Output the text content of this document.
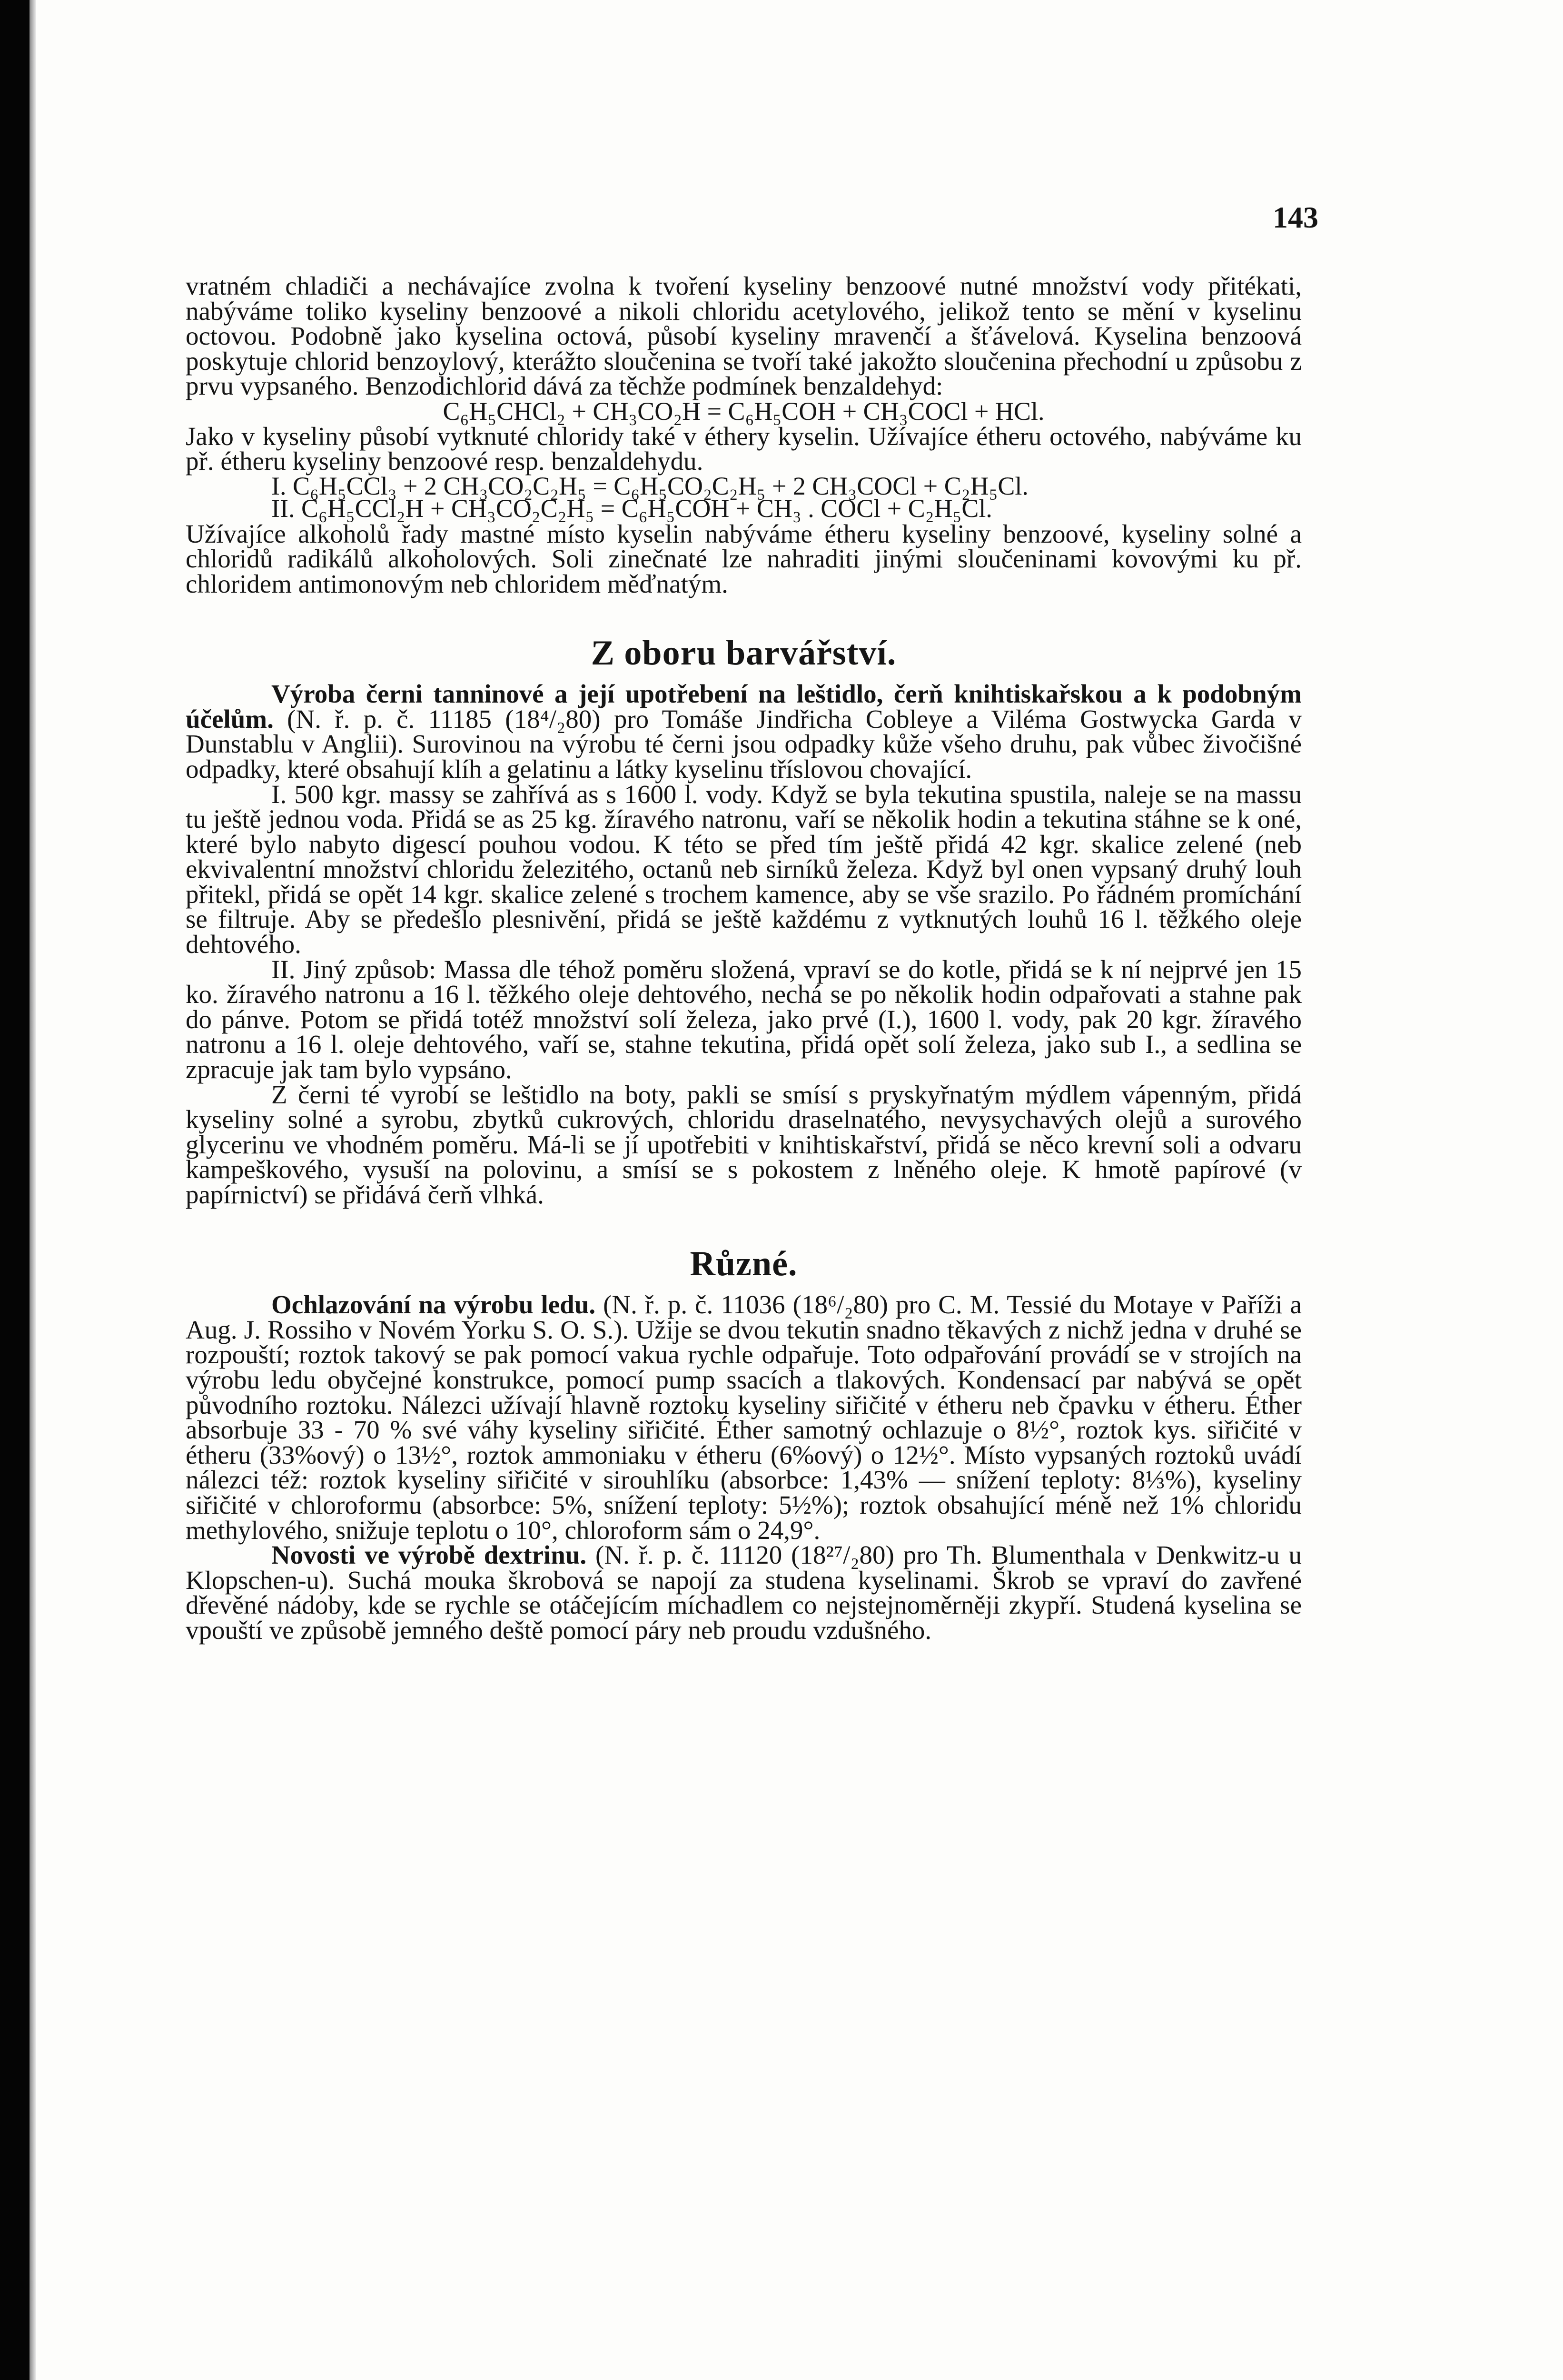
143

vratném chladiči a nechávajíce zvolna k tvoření kyseliny benzoové nutné množství vody přitékati, nabýváme toliko kyseliny benzoové a nikoli chloridu acetylového, jelikož tento se mění v kyselinu octovou. Podobně jako kyselina octová, působí kyseliny mravenčí a šťávelová. Kyselina benzoová poskytuje chlorid benzoylový, kterážto sloučenina se tvoří také jakožto sloučenina přechodní u způsobu z prvu vypsaného. Benzodichlorid dává za těchže podmínek benzaldehyd:

C₆H₅CHCl₂ + CH₃CO₂H = C₆H₅COH + CH₃COCl + HCl.

Jako v kyseliny působí vytknuté chloridy také v éthery kyselin. Užívajíce étheru octového, nabýváme ku př. étheru kyseliny benzoové resp. benzaldehydu.

I. C₆H₅CCl₃ + 2 CH₃CO₂C₂H₅ = C₆H₅CO₂C₂H₅ + 2 CH₃COCl + C₂H₅Cl.

II. C₆H₅CCl₂H + CH₃CO₂C₂H₅ = C₆H₅COH + CH₃ . COCl + C₂H₅Cl.

Užívajíce alkoholů řady mastné místo kyselin nabýváme étheru kyseliny benzoové, kyseliny solné a chloridů radikálů alkoholových. Soli zinečnaté lze nahraditi jinými sloučeninami kovovými ku př. chloridem antimonovým neb chloridem měďnatým.

Z oboru barvářství.

Výroba černi tanninové a její upotřebení na leštidlo, čerň knihtiskařskou a k podobným účelům. (N. ř. p. č. 11185 (18⁴/₂80) pro Tomáše Jindřicha Cobleye a Viléma Gostwycka Garda v Dunstablu v Anglii). Surovinou na výrobu té černi jsou odpadky kůže všeho druhu, pak vůbec živočišné odpadky, které obsahují klíh a gelatinu a látky kyselinu tříslovou chovající.

I. 500 kgr. massy se zahřívá as s 1600 l. vody. Když se byla tekutina spustila, naleje se na massu tu ještě jednou voda. Přidá se as 25 kg. žíravého natronu, vaří se několik hodin a tekutina stáhne se k oné, které bylo nabyto digescí pouhou vodou. K této se před tím ještě přidá 42 kgr. skalice zelené (neb ekvivalentní množství chloridu železitého, octanů neb sirníků železa. Když byl onen vypsaný druhý louh přitekl, přidá se opět 14 kgr. skalice zelené s trochem kamence, aby se vše srazilo. Po řádném promíchání se filtruje. Aby se předešlo plesnivění, přidá se ještě každému z vytknutých louhů 16 l. těžkého oleje dehtového.

II. Jiný způsob: Massa dle téhož poměru složená, vpraví se do kotle, přidá se k ní nejprvé jen 15 ko. žíravého natronu a 16 l. těžkého oleje dehtového, nechá se po několik hodin odpařovati a stahne pak do pánve. Potom se přidá totéž množství solí železa, jako prvé (I.), 1600 l. vody, pak 20 kgr. žíravého natronu a 16 l. oleje dehtového, vaří se, stahne tekutina, přidá opět solí železa, jako sub I., a sedlina se zpracuje jak tam bylo vypsáno.

Z černi té vyrobí se leštidlo na boty, pakli se smísí s pryskyřnatým mýdlem vápenným, přidá kyseliny solné a syrobu, zbytků cukrových, chloridu draselnatého, nevysychavých olejů a surového glycerinu ve vhodném poměru. Má-li se jí upotřebiti v knihtiskařství, přidá se něco krevní soli a odvaru kampeškového, vysuší na polovinu, a smísí se s pokostem z lněného oleje. K hmotě papírové (v papírnictví) se přidává čerň vlhká.

Různé.

Ochlazování na výrobu ledu. (N. ř. p. č. 11036 (18⁶/₂80) pro C. M. Tessié du Motaye v Paříži a Aug. J. Rossiho v Novém Yorku S. O. S.). Užije se dvou tekutin snadno těkavých z nichž jedna v druhé se rozpouští; roztok takový se pak pomocí vakua rychle odpařuje. Toto odpařování provádí se v strojích na výrobu ledu obyčejné konstrukce, pomocí pump ssacích a tlakových. Kondensací par nabývá se opět původního roztoku. Nálezci užívají hlavně roztoku kyseliny siřičité v étheru neb čpavku v étheru. Éther absorbuje 33 - 70 % své váhy kyseliny siřičité. Éther samotný ochlazuje o 8½°, roztok kys. siřičité v étheru (33%ový) o 13½°, roztok ammoniaku v étheru (6%ový) o 12½°. Místo vypsaných roztoků uvádí nálezci též: roztok kyseliny siřičité v sirouhlíku (absorbce: 1,43% — snížení teploty: 8⅓%), kyseliny siřičité v chloroformu (absorbce: 5%, snížení teploty: 5½%); roztok obsahující méně než 1% chloridu methylového, snižuje teplotu o 10°, chloroform sám o 24,9°.

Novosti ve výrobě dextrinu. (N. ř. p. č. 11120 (18²⁷/₂80) pro Th. Blumenthala v Denkwitz-u u Klopschen-u). Suchá mouka škrobová se napojí za studena kyselinami. Škrob se vpraví do zavřené dřevěné nádoby, kde se rychle se otáčejícím míchadlem co nejstejnoměrněji zkypří. Studená kyselina se vpouští ve způsobě jemného deště pomocí páry neb proudu vzdušného.
